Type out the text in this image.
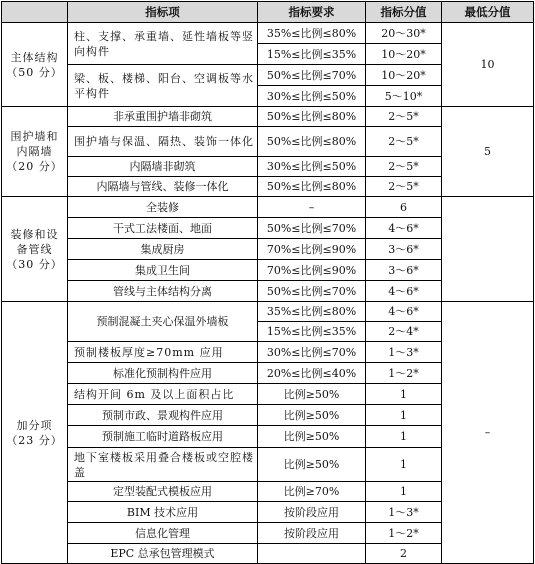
	指标项	指标要求	指标分值	最低分值

主体结构
（50 分）	柱、支撑、承重墙、延性墙板等竖向构件	35%≤比例≤80%	20～30*	10
		15%≤比例≤35%	10～20*	
	梁、板、楼梯、阳台、空调板等水平构件	50%≤比例≤70%	10～20*	
		30%≤比例≤50%	5～10*	

围护墙和内隔墙
（20 分）	非承重围护墙非砌筑	50%≤比例≤80%	2～5*	5
	围护墙与保温、隔热、装饰一体化	50%≤比例≤80%	2～5*	
	内隔墙非砌筑	30%≤比例≤50%	2～5*	
	内隔墙与管线、装修一体化	50%≤比例≤80%	2～5*	

装修和设备管线
（30 分）	全装修	–	6	
	干式工法楼面、地面	50%≤比例≤70%	4～6*	
	集成厨房	70%≤比例≤90%	3～6*	
	集成卫生间	70%≤比例≤90%	3～6*	
	管线与主体结构分离	50%≤比例≤70%	4～6*	

加分项
（23 分）	预制混凝土夹心保温外墙板	35%≤比例≤80%	4～6*	–
		15%≤比例≤35%	2～4*	
	预制楼板厚度≥70mm 应用	30%≤比例≤70%	1～3*	
	标准化预制构件应用	20%≤比例≤40%	1～2*	
	结构开间 6m 及以上面积占比	比例≥50%	1	
	预制市政、景观构件应用	比例≥50%	1	
	预制施工临时道路板应用	比例≥50%	1	
	地下室楼板采用叠合楼板或空腔楼盖	比例≥50%	1	
	定型装配式模板应用	比例≥70%	1	
	BIM 技术应用	按阶段应用	1～3*	
	信息化管理	按阶段应用	1～2*	
	EPC 总承包管理模式		2	
